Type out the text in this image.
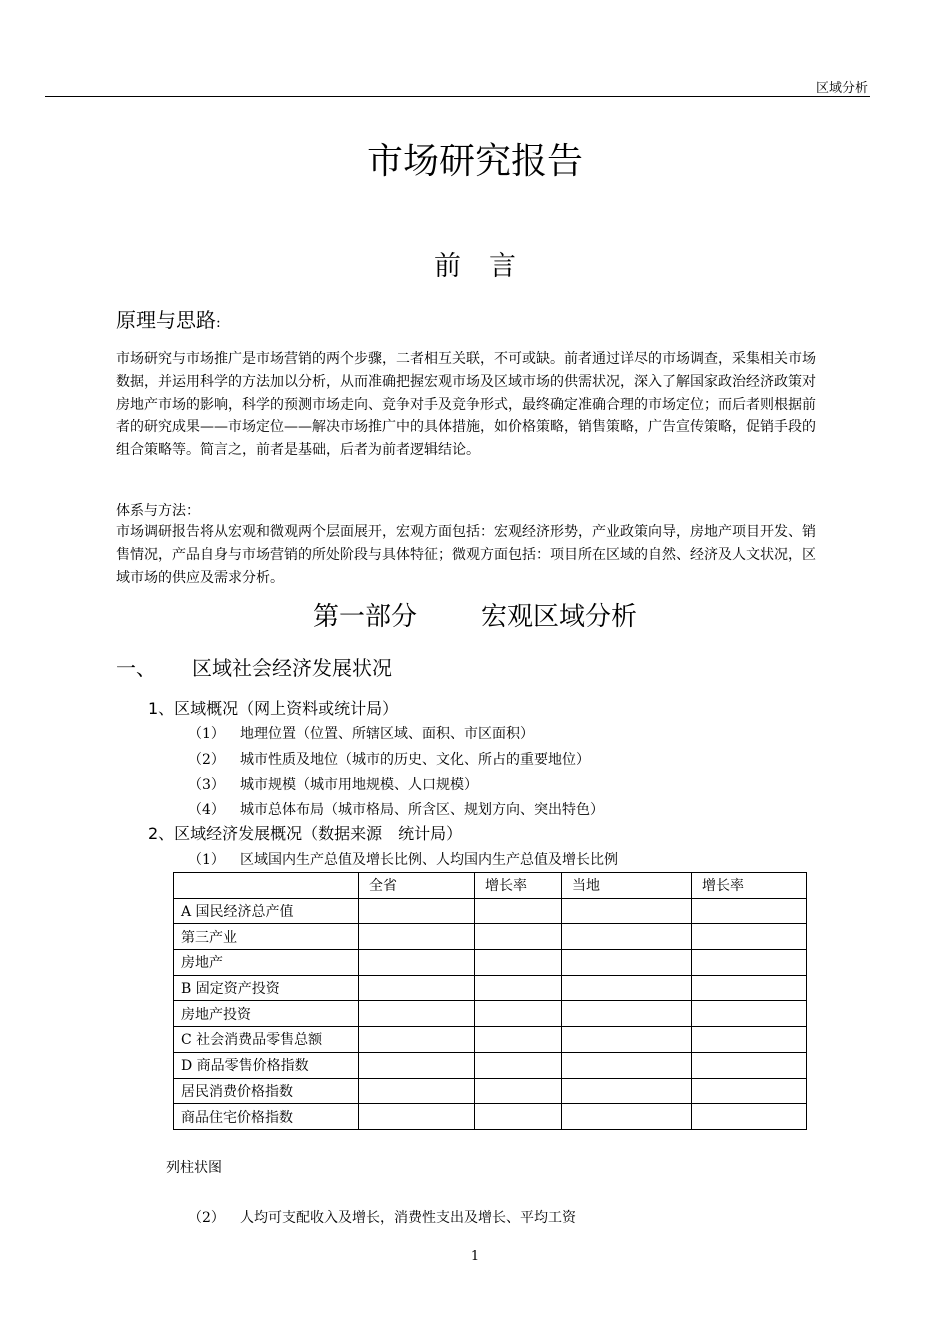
区域分析
市场研究报告
前言
原理与思路:
市场研究与市场推广是市场营销的两个步骤，二者相互关联，不可或缺。前者通过详尽的市场调查，采集相关市场数据，并运用科学的方法加以分析，从而准确把握宏观市场及区域市场的供需状况，深入了解国家政治经济政策对房地产市场的影响，科学的预测市场走向、竞争对手及竞争形式，最终确定准确合理的市场定位；而后者则根据前者的研究成果——市场定位——解决市场推广中的具体措施，如价格策略，销售策略，广告宣传策略，促销手段的组合策略等。简言之，前者是基础，后者为前者逻辑结论。
体系与方法：
市场调研报告将从宏观和微观两个层面展开，宏观方面包括：宏观经济形势，产业政策向导，房地产项目开发、销售情况，产品自身与市场营销的所处阶段与具体特征；微观方面包括：项目所在区域的自然、经济及人文状况，区域市场的供应及需求分析。
第一部分 宏观区域分析
一、 区域社会经济发展状况
1、区域概况（网上资料或统计局）
（1） 地理位置（位置、所辖区域、面积、市区面积）
（2） 城市性质及地位（城市的历史、文化、所占的重要地位）
（3） 城市规模（城市用地规模、人口规模）
（4） 城市总体布局（城市格局、所含区、规划方向、突出特色）
2、区域经济发展概况（数据来源　统计局）
（1） 区域国内生产总值及增长比例、人均国内生产总值及增长比例
	全省	增长率	当地	增长率
A 国民经济总产值				
第三产业				
房地产				
B 固定资产投资				
房地产投资				
C 社会消费品零售总额				
D 商品零售价格指数				
居民消费价格指数				
商品住宅价格指数				
列柱状图
（2） 人均可支配收入及增长，消费性支出及增长、平均工资
1
